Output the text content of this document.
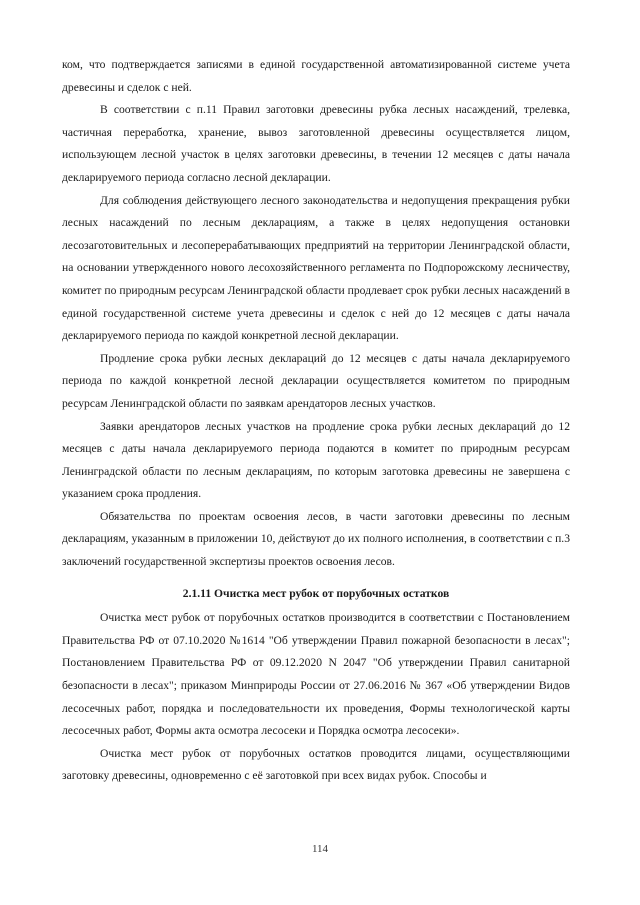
ком, что подтверждается записями в единой государственной автоматизированной системе учета древесины и сделок с ней.

В соответствии с п.11 Правил заготовки древесины рубка лесных насаждений, трелевка, частичная переработка, хранение, вывоз заготовленной древесины осуществляется лицом, использующем лесной участок в целях заготовки древесины, в течении 12 месяцев с даты начала декларируемого периода согласно лесной декларации.

Для соблюдения действующего лесного законодательства и недопущения прекращения рубки лесных насаждений по лесным декларациям, а также в целях недопущения остановки лесозаготовительных и лесоперерабатывающих предприятий на территории Ленинградской области, на основании утвержденного нового лесохозяйственного регламента по Подпорожскому лесничеству, комитет по природным ресурсам Ленинградской области продлевает срок рубки лесных насаждений в единой государственной системе учета древесины и сделок с ней до 12 месяцев с даты начала декларируемого периода по каждой конкретной лесной декларации.

Продление срока рубки лесных деклараций до 12 месяцев с даты начала декларируемого периода по каждой конкретной лесной декларации осуществляется комитетом по природным ресурсам Ленинградской области по заявкам арендаторов лесных участков.

Заявки арендаторов лесных участков на продление срока рубки лесных деклараций до 12 месяцев с даты начала декларируемого периода подаются в комитет по природным ресурсам Ленинградской области по лесным декларациям, по которым заготовка древесины не завершена с указанием срока продления.

Обязательства по проектам освоения лесов, в части заготовки древесины по лесным декларациям, указанным в приложении 10, действуют до их полного исполнения, в соответствии с п.3 заключений государственной экспертизы проектов освоения лесов.

2.1.11 Очистка мест рубок от порубочных остатков

Очистка мест рубок от порубочных остатков производится в соответствии с Постановлением Правительства РФ от 07.10.2020 №1614 "Об утверждении Правил пожарной безопасности в лесах"; Постановлением Правительства РФ от 09.12.2020 N 2047 "Об утверждении Правил санитарной безопасности в лесах"; приказом Минприроды России от 27.06.2016 № 367 «Об утверждении Видов лесосечных работ, порядка и последовательности их проведения, Формы технологической карты лесосечных работ, Формы акта осмотра лесосеки и Порядка осмотра лесосеки».

Очистка мест рубок от порубочных остатков проводится лицами, осуществляющими заготовку древесины, одновременно с её заготовкой при всех видах рубок. Способы и

114
